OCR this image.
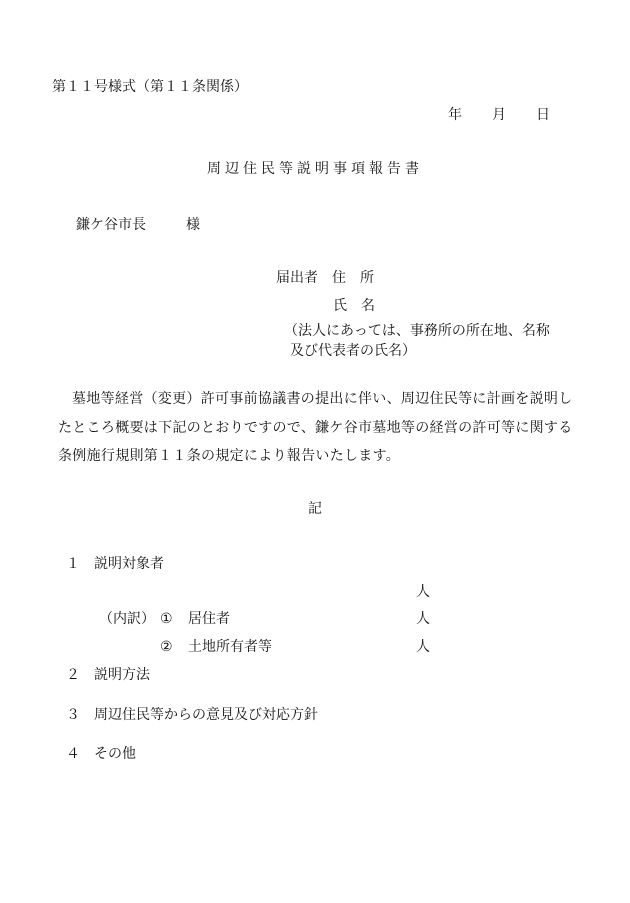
第１１号様式（第１１条関係）
年 月 日
周辺住民等説明事項報告書
鎌ケ谷市長	様
届出者　 住　所
氏　名
（法人にあっては、事務所の所在地、名称
及び代表者の氏名）
墓地等経営（変更）許可事前協議書の提出に伴い、周辺住民等に計画を説明し
たところ概要は下記のとおりですので、鎌ケ谷市墓地等の経営の許可等に関する
条例施行規則第１１条の規定により報告いたします。
記
１　 説明対象者
人
（内訳） ① 居住者	人
② 土地所有者等	人
２　 説明方法
３　 周辺住民等からの意見及び対応方針
４　 その他
